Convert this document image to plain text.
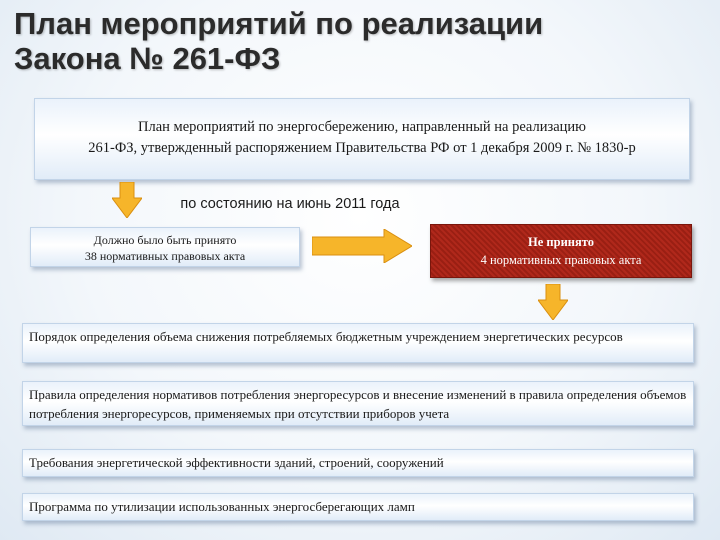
План мероприятий по реализации
Закона № 261-ФЗ
План мероприятий по энергосбережению, направленный на реализацию
261-ФЗ, утвержденный распоряжением Правительства РФ от 1 декабря 2009 г. № 1830-р
по состоянию на июнь 2011 года
Должно было быть принято
38 нормативных правовых акта
Не принято
4 нормативных правовых акта
Порядок определения объема снижения потребляемых бюджетным учреждением энергетических ресурсов
Правила определения нормативов потребления энергоресурсов и внесение изменений в правила определения объемов потребления энергоресурсов, применяемых при отсутствии приборов учета
Требования энергетической эффективности зданий, строений, сооружений
Программа по утилизации использованных энергосберегающих ламп
